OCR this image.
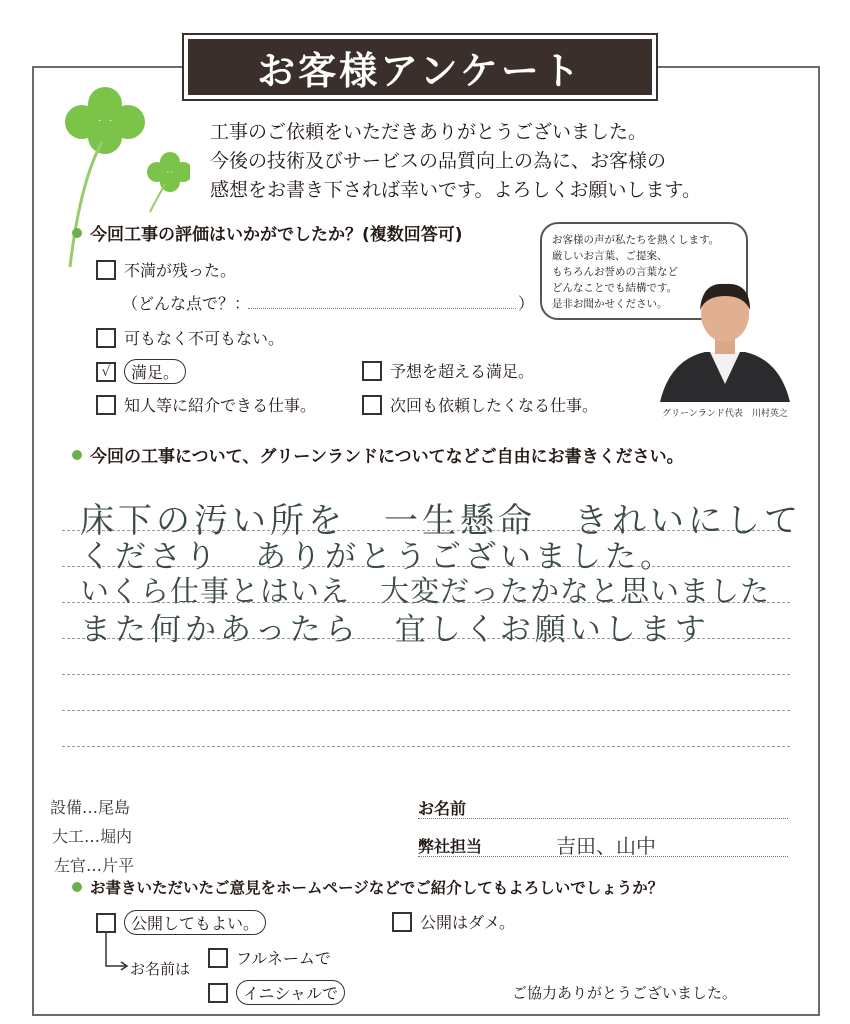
お客様アンケート
工事のご依頼をいただきありがとうございました。
今後の技術及びサービスの品質向上の為に、お客様の
感想をお書き下されば幸いです。よろしくお願いします。
今回工事の評価はいかがでしたか？(複数回答可)
不満が残った。
（どんな点で？：	）
可もなく不可もない。
√	満足。	予想を超える満足。
知人等に紹介できる仕事。	次回も依頼したくなる仕事。
お客様の声が私たちを熱くします。
厳しいお言葉、ご提案、
もちろんお誉めの言葉など
どんなことでも結構です。
是非お聞かせください。
グリーンランド代表　川村英之
今回の工事について、グリーンランドについてなどご自由にお書きください。
床下の汚い所を　一生懸命　きれいにして
くださり　ありがとうございました。
いくら仕事とはいえ　大変だったかなと思いました
また何かあったら　宜しくお願いします
設備…尾島
大工…堀内
左官…片平
お名前
弊社担当	吉田、山中
お書きいただいたご意見をホームページなどでご紹介してもよろしいでしょうか？
公開してもよい。	公開はダメ。
お名前は
フルネームで
イニシャルで	ご協力ありがとうございました。
